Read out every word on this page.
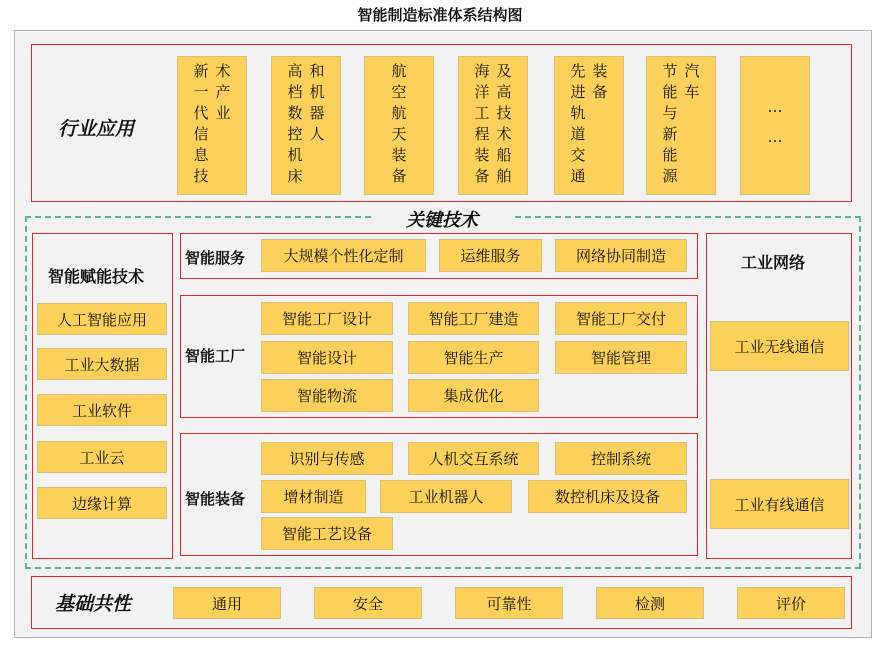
智能制造标准体系结构图
行业应用
新
一
代
信
息
技
术
产
业
高
档
数
控
机
床
和
机
器
人
航
空
航
天
装
备
海
洋
工
程
装
备
及
高
技
术
船
舶
先
进
轨
道
交
通
装
备
节
能
与
新
能
源
汽
车
…
…
关键技术
智能赋能技术
人工智能应用
工业大数据
工业软件
工业云
边缘计算
智能服务	大规模个性化定制	运维服务	网络协同制造
智能工厂
智能工厂设计	智能工厂建造	智能工厂交付
智能设计	智能生产	智能管理
智能物流	集成优化
智能装备
识别与传感	人机交互系统	控制系统
增材制造	工业机器人	数控机床及设备
智能工艺设备
工业网络
工业无线通信
工业有线通信
基础共性	通用	安全	可靠性	检测	评价
